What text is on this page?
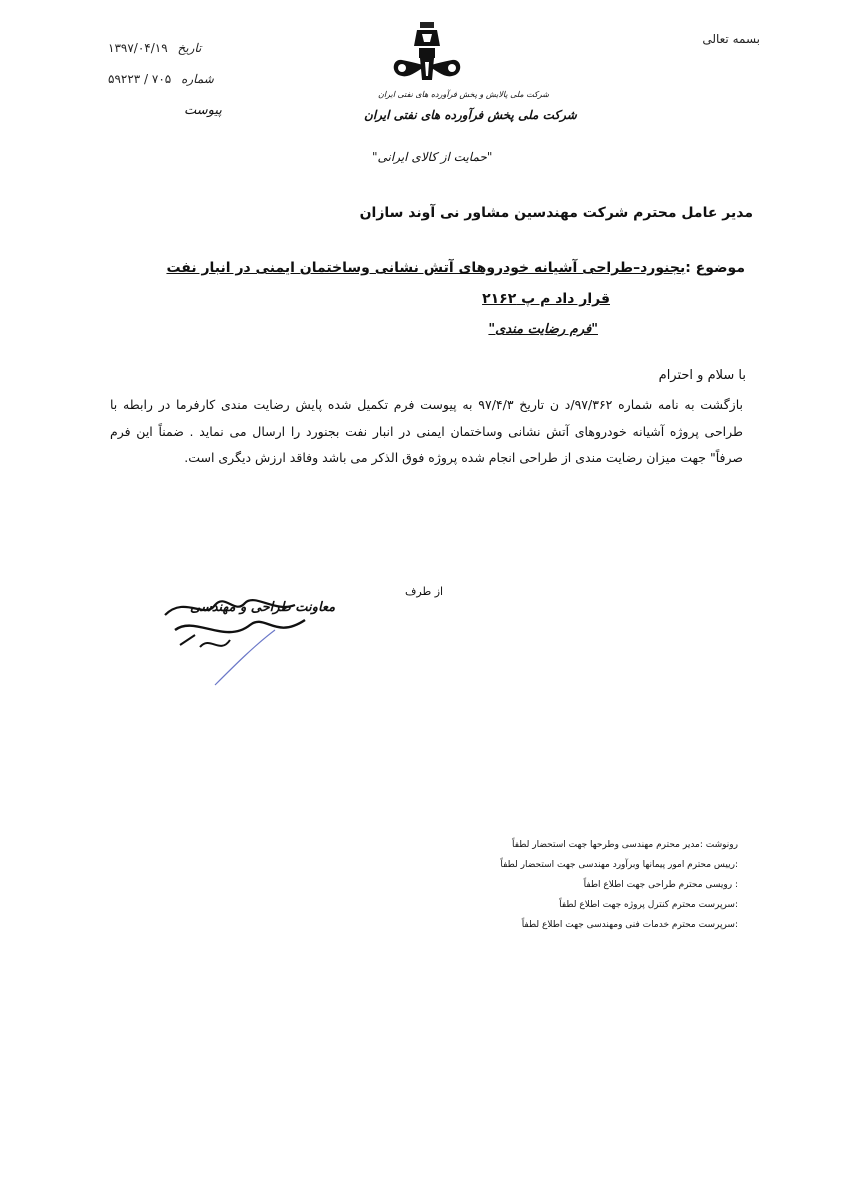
بسمه تعالی
تاریخ ۱۳۹۷/۰۴/۱۹
شماره ۷۰۵ / ۵۹۲۲۳
پیوست
شرکت ملی پالایش و پخش فرآورده های نفتی ایران
شرکت ملی پخش فرآورده های نفتی ایران
"حمایت از کالای ایرانی"
مدیر عامل محترم شرکت مهندسین مشاور نی آوند سازان
موضوع :بجنورد–طراحی آشیانه خودروهای آتش نشانی وساختمان ایمنی در انبار نفت
قرار داد م پ ۲۱۶۲
"فرم رضایت مندی"
با سلام و احترام
بازگشت به نامه شماره ۹۷/۳۶۲/د ن تاریخ ۹۷/۴/۳ به پیوست فرم تکمیل شده پایش رضایت مندی کارفرما در رابطه با طراحی پروژه آشیانه خودروهای آتش نشانی وساختمان ایمنی در انبار نفت بجنورد را ارسال می نماید . ضمناً این فرم صرفاً" جهت میزان رضایت مندی از طراحی انجام شده پروژه فوق الذکر می باشد وفاقد ارزش دیگری است.
از طرف
معاونت طراحی و مهندسی
رونوشت :مدیر محترم مهندسی وطرحها جهت استحضار لطفاً
:رییس محترم امور پیمانها وبرآورد مهندسی جهت استحضار لطفاً
: رویسی محترم طراحی جهت اطلاع اطفاً
:سرپرست محترم کنترل پروژه جهت اطلاع لطفاً
:سرپرست محترم خدمات فنی ومهندسی جهت اطلاع لطفاً
